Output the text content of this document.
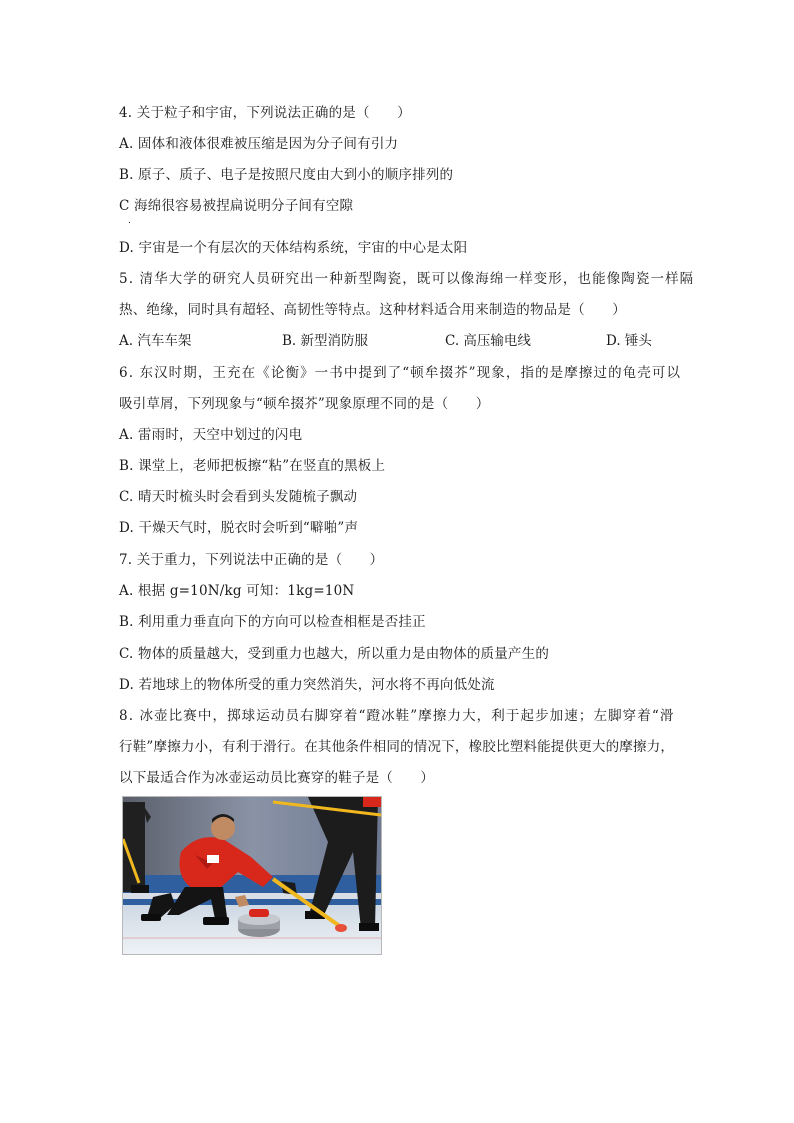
4. 关于粒子和宇宙，下列说法正确的是（　　）
A. 固体和液体很难被压缩是因为分子间有引力
B. 原子、质子、电子是按照尺度由大到小的顺序排列的
C 海绵很容易被捏扁说明分子间有空隙
.
D. 宇宙是一个有层次的天体结构系统，宇宙的中心是太阳
5. 清华大学的研究人员研究出一种新型陶瓷，既可以像海绵一样变形，也能像陶瓷一样隔
热、绝缘，同时具有超轻、高韧性等特点。这种材料适合用来制造的物品是（　　）
A. 汽车车架	B. 新型消防服	C. 高压输电线	D. 锤头
6. 东汉时期，王充在《论衡》一书中提到了“顿牟掇芥”现象，指的是摩擦过的龟壳可以
吸引草屑，下列现象与“顿牟掇芥”现象原理不同的是（　　）
A. 雷雨时，天空中划过的闪电
B. 课堂上，老师把板擦“粘”在竖直的黑板上
C. 晴天时梳头时会看到头发随梳子飘动
D. 干燥天气时，脱衣时会听到“噼啪”声
7. 关于重力，下列说法中正确的是（　　）
A. 根据 g=10N/kg 可知：1kg=10N
B. 利用重力垂直向下的方向可以检查相框是否挂正
C. 物体的质量越大，受到重力也越大，所以重力是由物体的质量产生的
D. 若地球上的物体所受的重力突然消失，河水将不再向低处流
8. 冰壶比赛中，掷球运动员右脚穿着“蹬冰鞋”摩擦力大，利于起步加速；左脚穿着“滑
行鞋”摩擦力小，有利于滑行。在其他条件相同的情况下，橡胶比塑料能提供更大的摩擦力，
以下最适合作为冰壶运动员比赛穿的鞋子是（　　）
